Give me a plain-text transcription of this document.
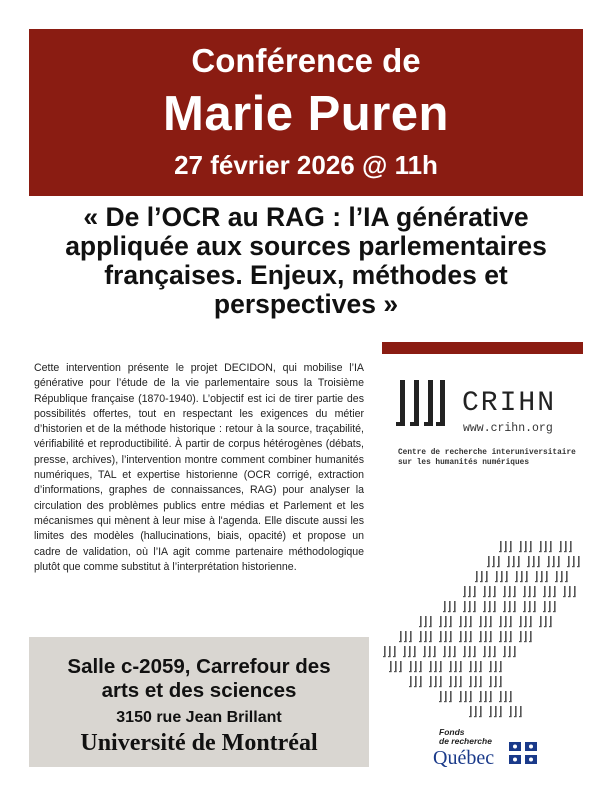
Conférence de
Marie Puren
27 février 2026 @ 11h
« De l’OCR au RAG : l’IA générative appliquée aux sources parlementaires françaises. Enjeux, méthodes et perspectives »
Cette intervention présente le projet DECIDON, qui mobilise l’IA générative pour l’étude de la vie parlementaire sous la Troisième République française (1870-1940). L’objectif est ici de tirer partie des possibilités offertes, tout en respectant les exigences du métier d’historien et de la méthode historique : retour à la source, traçabilité, vérifiabilité et reproductibilité. À partir de corpus hétérogènes (débats, presse, archives), l’intervention montre comment combiner humanités numériques, TAL et expertise historienne (OCR corrigé, extraction d’informations, graphes de connaissances, RAG) pour analyser la circulation des problèmes publics entre médias et Parlement et les mécanismes qui mènent à leur mise à l'agenda. Elle discute aussi les limites des modèles (hallucinations, biais, opacité) et propose un cadre de validation, où l’IA agit comme partenaire méthodologique plutôt que comme substitut à l’interprétation historienne.
Salle c-2059, Carrefour des
arts et des sciences
3150 rue Jean Brillant
Université de Montréal
CRIHN
www.crihn.org
Centre de recherche interuniversitaire
sur les humanités numériques
Fonds
de recherche
Québec
